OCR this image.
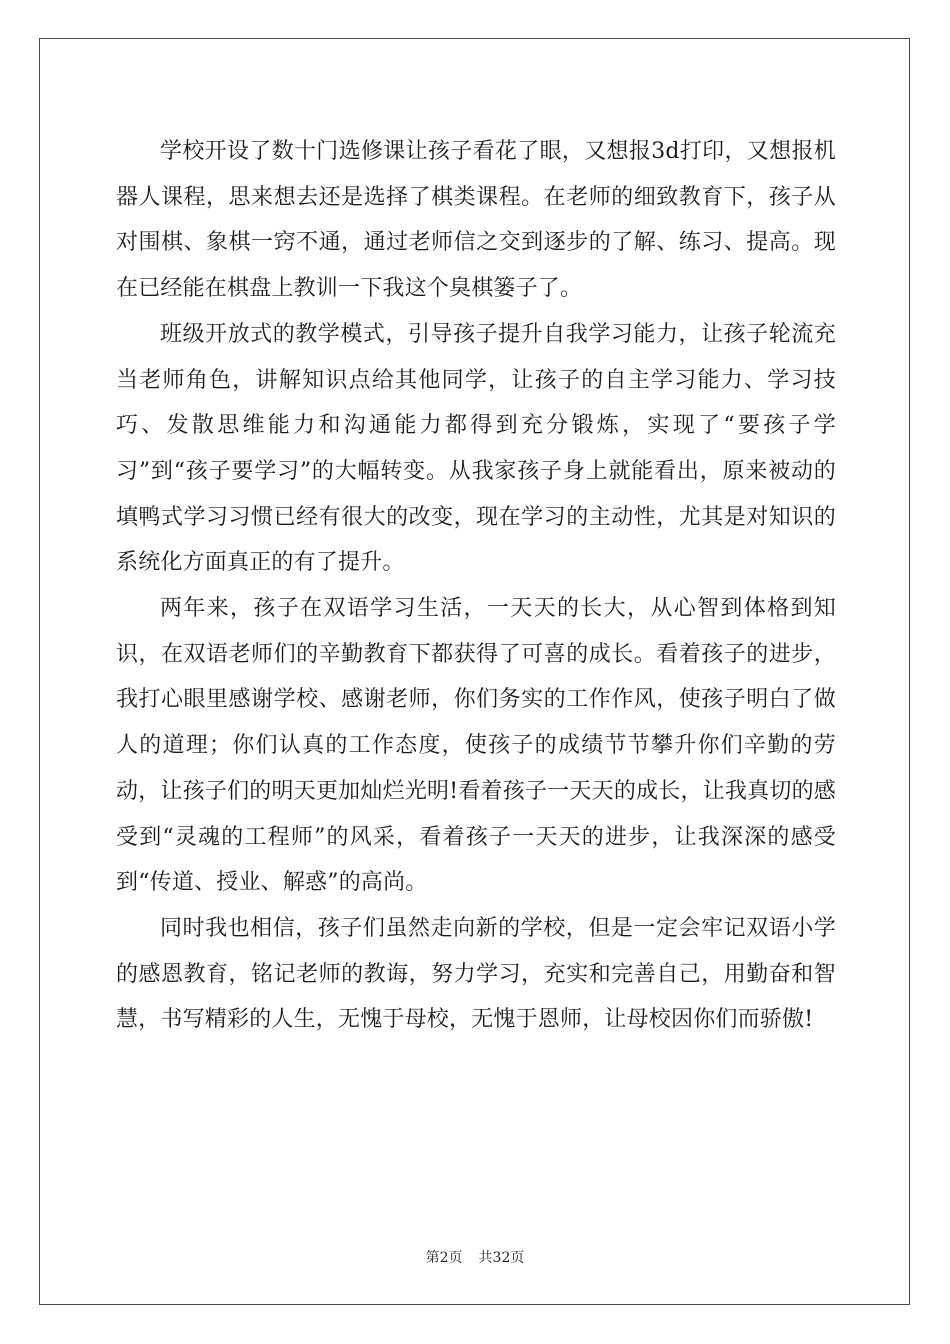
学校开设了数十门选修课让孩子看花了眼，又想报3d打印，又想报机器人课程，思来想去还是选择了棋类课程。在老师的细致教育下，孩子从对围棋、象棋一窍不通，通过老师信之交到逐步的了解、练习、提高。现在已经能在棋盘上教训一下我这个臭棋篓子了。

班级开放式的教学模式，引导孩子提升自我学习能力，让孩子轮流充当老师角色，讲解知识点给其他同学，让孩子的自主学习能力、学习技巧、发散思维能力和沟通能力都得到充分锻炼，实现了“要孩子学习”到“孩子要学习”的大幅转变。从我家孩子身上就能看出，原来被动的填鸭式学习习惯已经有很大的改变，现在学习的主动性，尤其是对知识的系统化方面真正的有了提升。

两年来，孩子在双语学习生活，一天天的长大，从心智到体格到知识，在双语老师们的辛勤教育下都获得了可喜的成长。看着孩子的进步，我打心眼里感谢学校、感谢老师，你们务实的工作作风，使孩子明白了做人的道理；你们认真的工作态度，使孩子的成绩节节攀升你们辛勤的劳动，让孩子们的明天更加灿烂光明!看着孩子一天天的成长，让我真切的感受到“灵魂的工程师”的风采，看着孩子一天天的进步，让我深深的感受到“传道、授业、解惑”的高尚。

同时我也相信，孩子们虽然走向新的学校，但是一定会牢记双语小学的感恩教育，铭记老师的教诲，努力学习，充实和完善自己，用勤奋和智慧，书写精彩的人生，无愧于母校，无愧于恩师，让母校因你们而骄傲!

第2页 共32页
